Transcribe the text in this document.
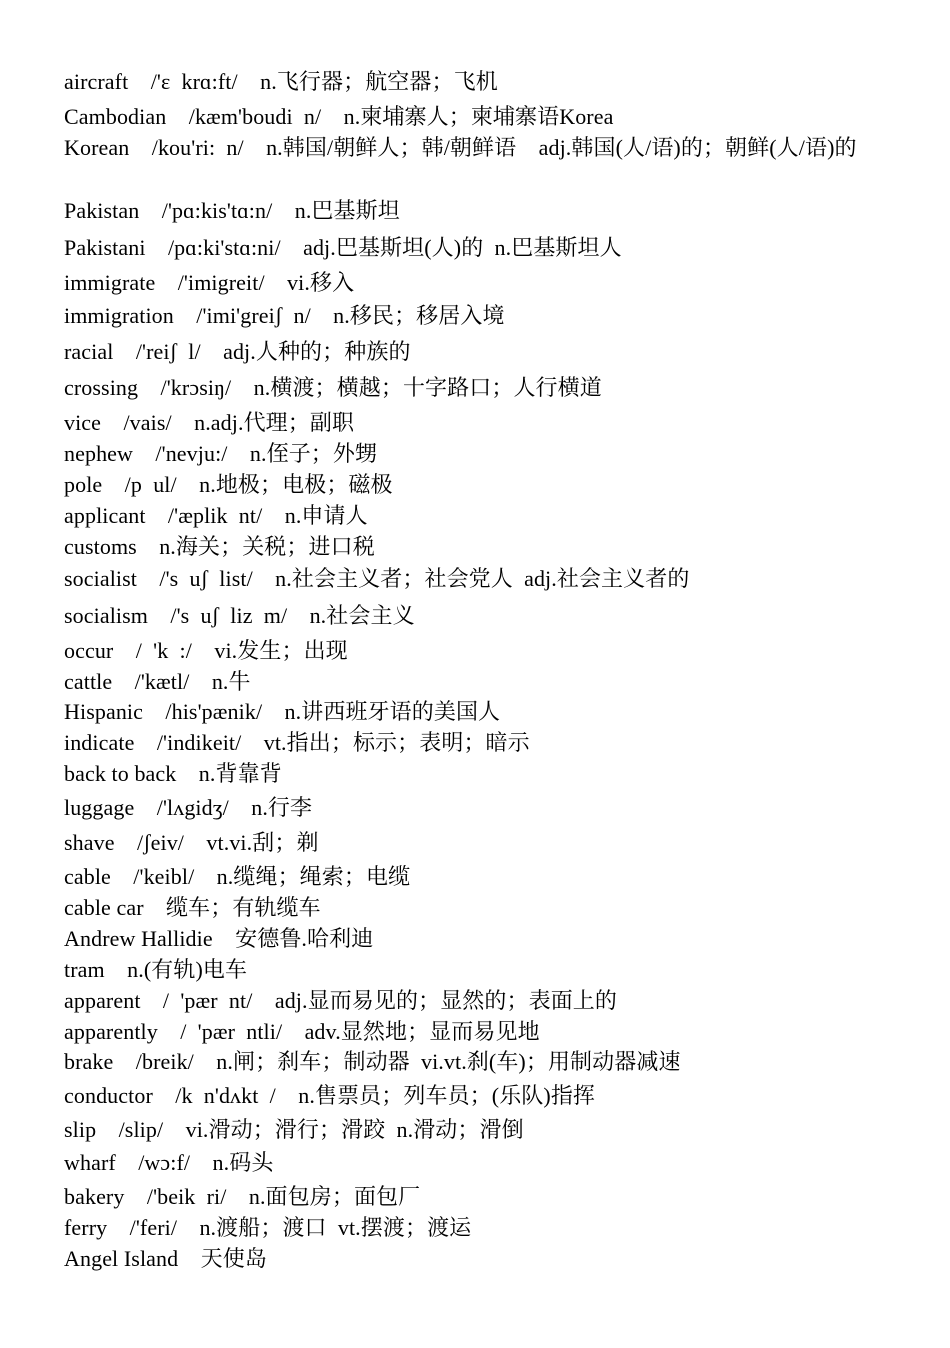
aircraft    /'ɛ  krɑ:ft/    n.飞行器；航空器；飞机
Cambodian    /kæm'boudi  n/    n.柬埔寨人；柬埔寨语Korea
Korean    /kou'ri:  n/    n.韩国/朝鲜人；韩/朝鲜语    adj.韩国(人/语)的；朝鲜(人/语)的
Pakistan    /'pɑ:kis'tɑ:n/    n.巴基斯坦
Pakistani    /pɑ:ki'stɑ:ni/    adj.巴基斯坦(人)的  n.巴基斯坦人
immigrate    /'imigreit/    vi.移入
immigration    /'imi'greiʃ  n/    n.移民；移居入境
racial    /'reiʃ  l/    adj.人种的；种族的
crossing    /'krɔsiŋ/    n.横渡；横越；十字路口；人行横道
vice    /vais/    n.adj.代理；副职
nephew    /'nevju:/    n.侄子；外甥
pole    /p  ul/    n.地极；电极；磁极
applicant    /'æplik  nt/    n.申请人
customs    n.海关；关税；进口税
socialist    /'s  uʃ  list/    n.社会主义者；社会党人  adj.社会主义者的
socialism    /'s  uʃ  liz  m/    n.社会主义
occur    /  'k  :/    vi.发生；出现
cattle    /'kætl/    n.牛
Hispanic    /his'pænik/    n.讲西班牙语的美国人
indicate    /'indikeit/    vt.指出；标示；表明；暗示
back to back    n.背靠背
luggage    /'lʌgidʒ/    n.行李
shave    /ʃeiv/    vt.vi.刮；剃
cable    /'keibl/    n.缆绳；绳索；电缆
cable car    缆车；有轨缆车
Andrew Hallidie    安德鲁.哈利迪
tram    n.(有轨)电车
apparent    /  'pær  nt/    adj.显而易见的；显然的；表面上的
apparently    /  'pær  ntli/    adv.显然地；显而易见地
brake    /breik/    n.闸；刹车；制动器  vi.vt.刹(车)；用制动器减速
conductor    /k  n'dʌkt  /    n.售票员；列车员；(乐队)指挥
slip    /slip/    vi.滑动；滑行；滑跤  n.滑动；滑倒
wharf    /wɔ:f/    n.码头
bakery    /'beik  ri/    n.面包房；面包厂
ferry    /'feri/    n.渡船；渡口  vt.摆渡；渡运
Angel Island    天使岛
